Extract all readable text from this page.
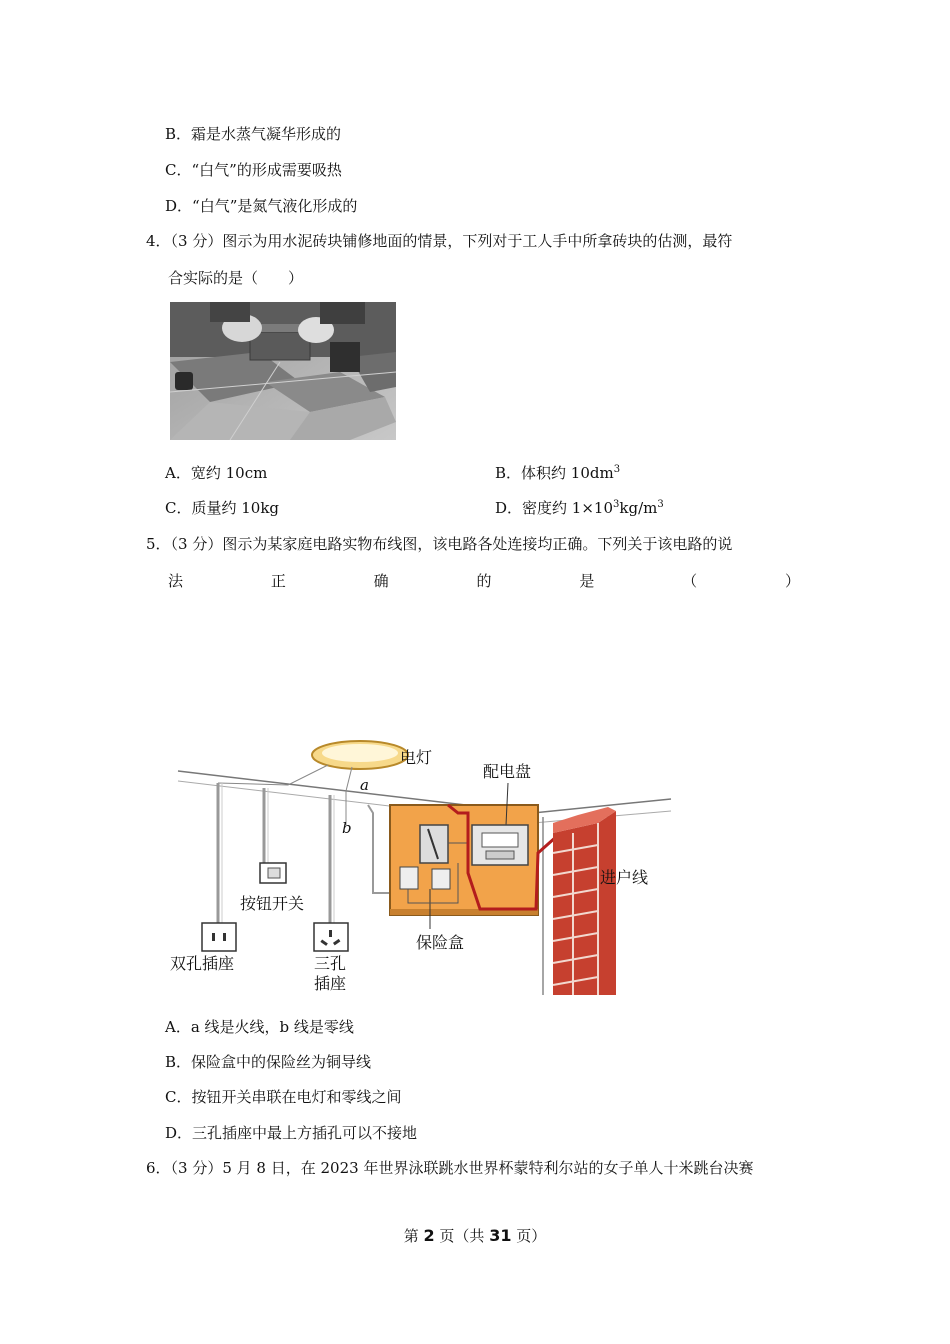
B．霜是水蒸气凝华形成的
C．“白气”的形成需要吸热
D．“白气”是氮气液化形成的
4．（3 分）图示为用水泥砖块铺修地面的情景，下列对于工人手中所拿砖块的估测，最符
合实际的是（　　）
A．宽约 10cm	B．体积约 $10dm^3$
C．质量约 10kg	D．密度约 $1\times 10^3kg/m^3$
5．（3 分）图示为某家庭电路实物布线图，该电路各处连接均正确。下列关于该电路的说
法	正	确	的	是	（	）
电灯
a
b
按钮开关
双孔插座	三孔
插座
配电盘
保险盒
进户线
A．a 线是火线，b 线是零线
B．保险盒中的保险丝为铜导线
C．按钮开关串联在电灯和零线之间
D．三孔插座中最上方插孔可以不接地
6．（3 分）5 月 8 日，在 2023 年世界泳联跳水世界杯蒙特利尔站的女子单人十米跳台决赛
第 2 页（共 31 页）
